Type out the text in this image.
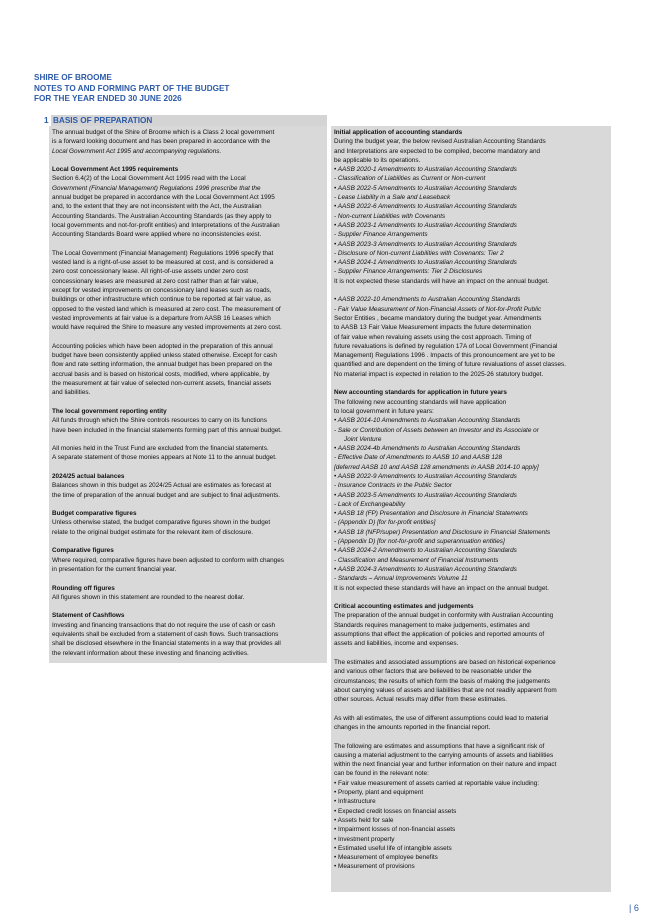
SHIRE OF BROOME
NOTES TO AND FORMING PART OF THE BUDGET
FOR THE YEAR ENDED 30 JUNE 2026
1 BASIS OF PREPARATION

The annual budget of the Shire of Broome which is a Class 2 local government

is a forward looking document and has been prepared in accordance with the

Local Government Act 1995 and accompanying regulations.

Local Government Act 1995 requirements

Section 6.4(2) of the Local Government Act 1995 read with the Local

Government (Financial Management) Regulations 1996 prescribe that the

annual budget be prepared in accordance with the Local Government Act 1995

and, to the extent that they are not inconsistent with the Act, the Australian

Accounting Standards. The Australian Accounting Standards (as they apply to

local governments and not-for-profit entities) and Interpretations of the Australian

Accounting Standards Board were applied where no inconsistencies exist.

The Local Government (Financial Management) Regulations 1996 specify that

vested land is a right-of-use asset to be measured at cost, and is considered a

zero cost concessionary lease. All right-of-use assets under zero cost

concessionary leases are measured at zero cost rather than at fair value,

except for vested improvements on concessionary land leases such as roads,

buildings or other infrastructure which continue to be reported at fair value, as

opposed to the vested land which is measured at zero cost. The measurement of

vested improvements at fair value is a departure from AASB 16 Leases which

would have required the Shire to measure any vested improvements at zero cost.

Accounting policies which have been adopted in the preparation of this annual

budget have been consistently applied unless stated otherwise. Except for cash

flow and rate setting information, the annual budget has been prepared on the

accrual basis and is based on historical costs, modified, where applicable, by

the measurement at fair value of selected non-current assets, financial assets

and liabilities.

The local government reporting entity

All funds through which the Shire controls resources to carry on its functions

have been included in the financial statements forming part of this annual budget.

All monies held in the Trust Fund are excluded from the financial statements.

A separate statement of those monies appears at Note 11 to the annual budget.

2024/25 actual balances

Balances shown in this budget as 2024/25 Actual are estimates as forecast at

the time of preparation of the annual budget and are subject to final adjustments.

Budget comparative figures

Unless otherwise stated, the budget comparative figures shown in the budget

relate to the original budget estimate for the relevant item of disclosure.

Comparative figures

Where required, comparative figures have been adjusted to conform with changes

in presentation for the current financial year.

Rounding off figures

All figures shown in this statement are rounded to the nearest dollar.

Statement of Cashflows

Investing and financing transactions that do not require the use of cash or cash

equivalents shall be excluded from a statement of cash flows. Such transactions

shall be disclosed elsewhere in the financial statements in a way that provides all

the relevant information about these investing and financing activities.

Initial application of accounting standards

During the budget year, the below revised Australian Accounting Standards

and Interpretations are expected to be compiled, become mandatory and

be applicable to its operations.

• AASB 2020-1 Amendments to Australian Accounting Standards

- Classification of Liabilities as Current or Non-current

• AASB 2022-5 Amendments to Australian Accounting Standards

- Lease Liability in a Sale and Leaseback

• AASB 2022-6 Amendments to Australian Accounting Standards

- Non-current Liabilities with Covenants

• AASB 2023-1 Amendments to Australian Accounting Standards

- Supplier Finance Arrangements

• AASB 2023-3 Amendments to Australian Accounting Standards

- Disclosure of Non-current Liabilities with Covenants: Tier 2

• AASB 2024-1 Amendments to Australian Accounting Standards

- Supplier Finance Arrangements: Tier 2 Disclosures

It is not expected these standards will have an impact on the annual budget.

• AASB 2022-10 Amendments to Australian Accounting Standards

- Fair Value Measurement of Non-Financial Assets of Not-for-Profit Public

Sector Entities , became mandatory during the budget year. Amendments

to AASB 13 Fair Value Measurement impacts the future determination

of fair value when revaluing assets using the cost approach. Timing of

future revaluations is defined by regulation 17A of Local Government (Financial

Management) Regulations 1996 . Impacts of this pronouncement are yet to be

quantified and are dependent on the timing of future revaluations of asset classes.

No material impact is expected in relation to the 2025-26 statutory budget.

New accounting standards for application in future years

The following new accounting standards will have application

to local government in future years:

• AASB 2014-10 Amendments to Australian Accounting Standards

- Sale or Contribution of Assets between an Investor and its Associate or

Joint Venture

• AASB 2024-4b Amendments to Australian Accounting Standards

- Effective Date of Amendments to AASB 10 and AASB 128

[deferred AASB 10 and AASB 128 amendments in AASB 2014-10 apply]

• AASB 2022-9 Amendments to Australian Accounting Standards

- Insurance Contracts in the Public Sector

• AASB 2023-5 Amendments to Australian Accounting Standards

- Lack of Exchangeability

• AASB 18 (FP) Presentation and Disclosure in Financial Statements

- (Appendix D) [for for-profit entities]

• AASB 18 (NFP/super) Presentation and Disclosure in Financial Statements

- (Appendix D) [for not-for-profit and superannuation entities]

• AASB 2024-2 Amendments to Australian Accounting Standards

- Classification and Measurement of Financial Instruments

• AASB 2024-3 Amendments to Australian Accounting Standards

- Standards – Annual Improvements Volume 11

It is not expected these standards will have an impact on the annual budget.

Critical accounting estimates and judgements

The preparation of the annual budget in conformity with Australian Accounting

Standards requires management to make judgements, estimates and

assumptions that effect the application of policies and reported amounts of

assets and liabilities, income and expenses.

The estimates and associated assumptions are based on historical experience

and various other factors that are believed to be reasonable under the

circumstances; the results of which form the basis of making the judgements

about carrying values of assets and liabilities that are not readily apparent from

other sources. Actual results may differ from these estimates.

As with all estimates, the use of different assumptions could lead to material

changes in the amounts reported in the financial report.

The following are estimates and assumptions that have a significant risk of

causing a material adjustment to the carrying amounts of assets and liabilities

within the next financial year and further information on their nature and impact

can be found in the relevant note:

• Fair value measurement of assets carried at reportable value including:

• Property, plant and equipment

• Infrastructure

• Expected credit losses on financial assets

• Assets held for sale

• Impairment losses of non-financial assets

• Investment property

• Estimated useful life of intangible assets

• Measurement of employee benefits

• Measurement of provisions

| 6
